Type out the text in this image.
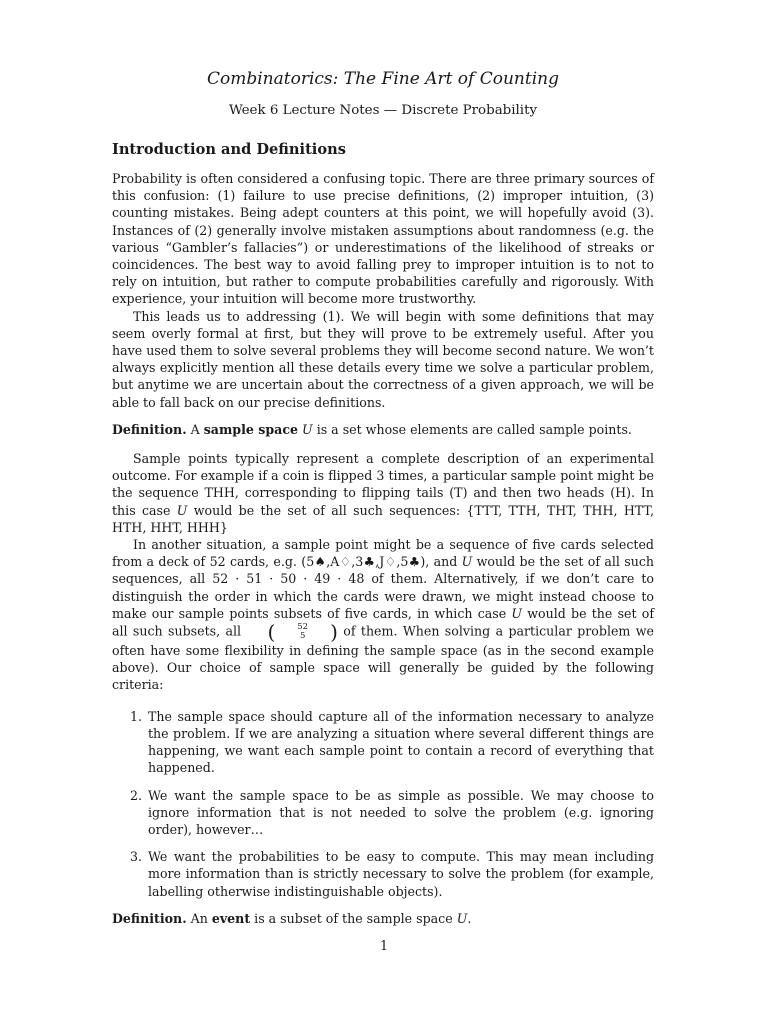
Combinatorics: The Fine Art of Counting
Week 6 Lecture Notes — Discrete Probability
Introduction and Definitions

Probability is often considered a confusing topic. There are three primary sources of this confusion: (1) failure to use precise definitions, (2) improper intuition, (3) counting mistakes. Being adept counters at this point, we will hopefully avoid (3). Instances of (2) generally involve mistaken assumptions about randomness (e.g. the various “Gambler’s fallacies”) or underestimations of the likelihood of streaks or coincidences. The best way to avoid falling prey to improper intuition is to not to rely on intuition, but rather to compute probabilities carefully and rigorously. With experience, your intuition will become more trustworthy.

This leads us to addressing (1). We will begin with some definitions that may seem overly formal at first, but they will prove to be extremely useful. After you have used them to solve several problems they will become second nature. We won’t always explicitly mention all these details every time we solve a particular problem, but anytime we are uncertain about the correctness of a given approach, we will be able to fall back on our precise definitions.

Definition. A sample space U is a set whose elements are called sample points.

Sample points typically represent a complete description of an experimental outcome. For example if a coin is flipped 3 times, a particular sample point might be the sequence THH, corresponding to flipping tails (T) and then two heads (H). In this case U would be the set of all such sequences: {TTT, TTH, THT, THH, HTT, HTH, HHT, HHH}

In another situation, a sample point might be a sequence of five cards selected from a deck of 52 cards, e.g. (5♠,A♢,3♣,J♢,5♣), and U would be the set of all such sequences, all 52 · 51 · 50 · 49 · 48 of them. Alternatively, if we don’t care to distinguish the order in which the cards were drawn, we might instead choose to make our sample points subsets of five cards, in which case U would be the set of all such subsets, all	(	52
5	) of them. When solving a particular problem we often have some flexibility in defining the sample space (as in the second example above). Our choice of sample space will generally be guided by the following criteria:

1. The sample space should capture all of the information necessary to analyze the problem. If we are analyzing a situation where several different things are happening, we want each sample point to contain a record of everything that happened.
2. We want the sample space to be as simple as possible. We may choose to ignore information that is not needed to solve the problem (e.g. ignoring order), however…
3. We want the probabilities to be easy to compute. This may mean including more information than is strictly necessary to solve the problem (for example, labelling otherwise indistinguishable objects).

Definition. An event is a subset of the sample space U.

1
